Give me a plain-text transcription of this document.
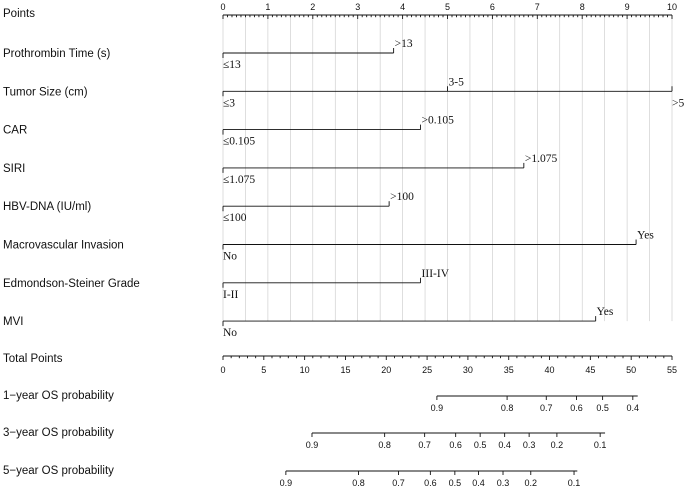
Points
0	1	2	3	4	5	6	7	8	9	10
Prothrombin Time (s)
≤13
>13
Tumor Size (cm)
≤3
3-5
>5
CAR
≤0.105
>0.105
SIRI
≤1.075
>1.075
HBV-DNA (IU/ml)
≤100
>100
Macrovascular Invasion
No
Yes
Edmondson-Steiner Grade
I-II
III-IV
MVI
No
Yes
Total Points
0	5	10	15	20	25	30	35	40	45	50	55
1−year OS probability
0.9	0.8	0.7 0.6 0.5 0.4
3−year OS probability
0.9	0.8	0.7 0.6 0.5 0.4 0.3 0.2	0.1
5−year OS probability
0.9	0.8	0.7 0.6 0.5 0.4 0.3 0.2	0.1
